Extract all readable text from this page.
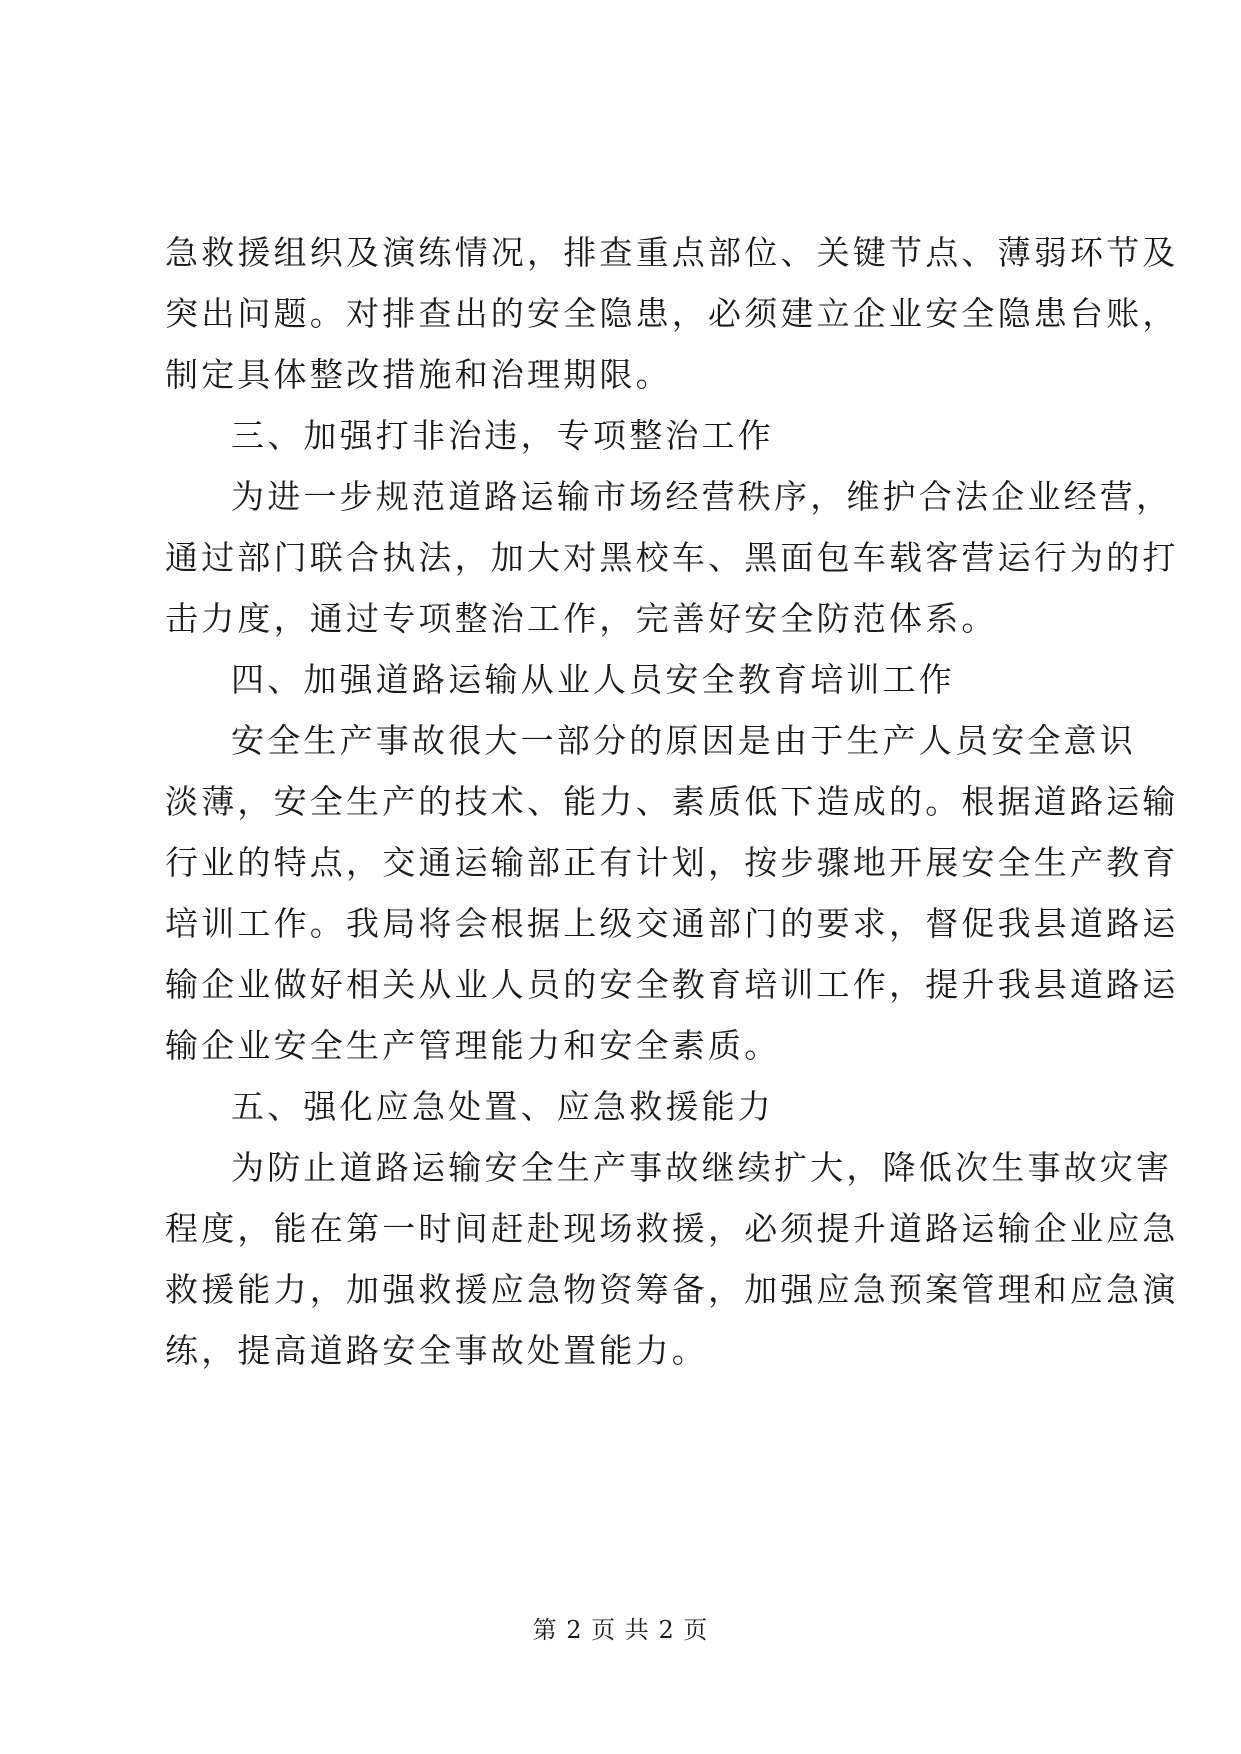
急救援组织及演练情况，排查重点部位、关键节点、薄弱环节及
突出问题。对排查出的安全隐患，必须建立企业安全隐患台账，
制定具体整改措施和治理期限。
三、加强打非治违，专项整治工作
为进一步规范道路运输市场经营秩序，维护合法企业经营，
通过部门联合执法，加大对黑校车、黑面包车载客营运行为的打
击力度，通过专项整治工作，完善好安全防范体系。
四、加强道路运输从业人员安全教育培训工作
安全生产事故很大一部分的原因是由于生产人员安全意识
淡薄，安全生产的技术、能力、素质低下造成的。根据道路运输
行业的特点，交通运输部正有计划，按步骤地开展安全生产教育
培训工作。我局将会根据上级交通部门的要求，督促我县道路运
输企业做好相关从业人员的安全教育培训工作，提升我县道路运
输企业安全生产管理能力和安全素质。
五、强化应急处置、应急救援能力
为防止道路运输安全生产事故继续扩大，降低次生事故灾害
程度，能在第一时间赶赴现场救援，必须提升道路运输企业应急
救援能力，加强救援应急物资筹备，加强应急预案管理和应急演
练，提高道路安全事故处置能力。
第 2 页 共 2 页
